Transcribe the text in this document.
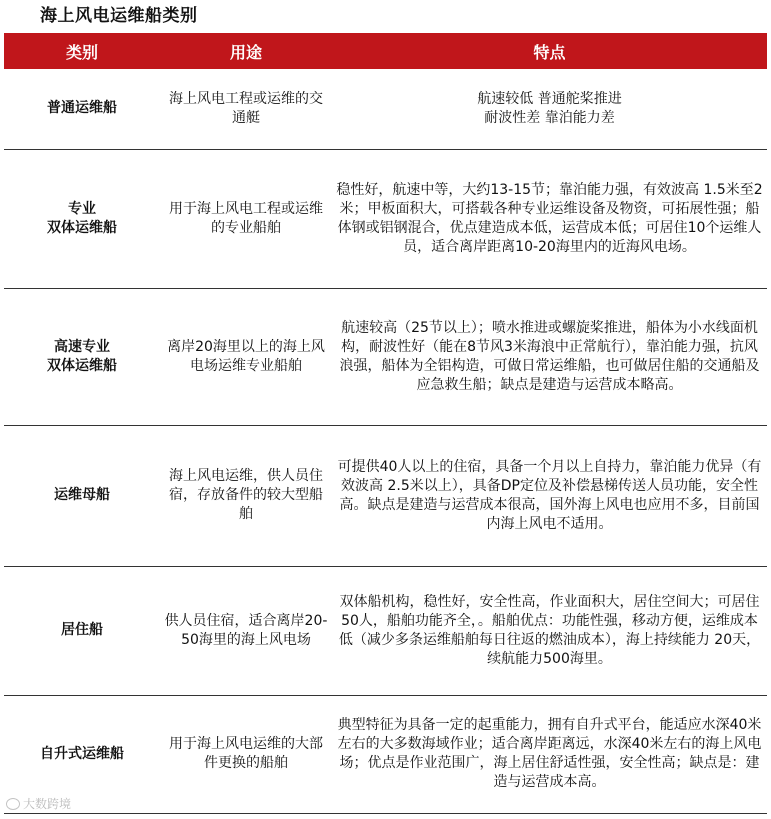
海上风电运维船类别
类别	用途	特点
普通运维船	海上风电工程或运维的交通艇	航速较低 普通舵桨推进
耐波性差 靠泊能力差
专业
双体运维船	用于海上风电工程或运维的专业船舶	稳性好，航速中等，大约13-15节；靠泊能力强，有效波高 1.5米至2米；甲板面积大，可搭载各种专业运维设备及物资，可拓展性强；船体钢或铝钢混合，优点建造成本低，运营成本低；可居住10个运维人员，适合离岸距离10-20海里内的近海风电场。
高速专业
双体运维船	离岸20海里以上的海上风电场运维专业船舶	航速较高（25节以上）；喷水推进或螺旋桨推进，船体为小水线面机构，耐波性好（能在8节风3米海浪中正常航行），靠泊能力强，抗风浪强，船体为全铝构造，可做日常运维船，也可做居住船的交通船及应急救生船；缺点是建造与运营成本略高。
运维母船	海上风电运维，供人员住宿，存放备件的较大型船舶	可提供40人以上的住宿，具备一个月以上自持力，靠泊能力优异（有效波高 2.5米以上），具备DP定位及补偿悬梯传送人员功能，安全性高。缺点是建造与运营成本很高，国外海上风电也应用不多，目前国内海上风电不适用。
居住船	供人员住宿，适合离岸20-50海里的海上风电场	双体船机构，稳性好，安全性高，作业面积大，居住空间大；可居住50人，船舶功能齐全，。船舶优点：功能性强，移动方便，运维成本低（减少多条运维船舶每日往返的燃油成本），海上持续能力 20天，续航能力500海里。
自升式运维船	用于海上风电运维的大部件更换的船舶	典型特征为具备一定的起重能力，拥有自升式平台，能适应水深40米左右的大多数海域作业；适合离岸距离远，水深40米左右的海上风电场；优点是作业范围广，海上居住舒适性强，安全性高；缺点是：建造与运营成本高。
大数跨境
